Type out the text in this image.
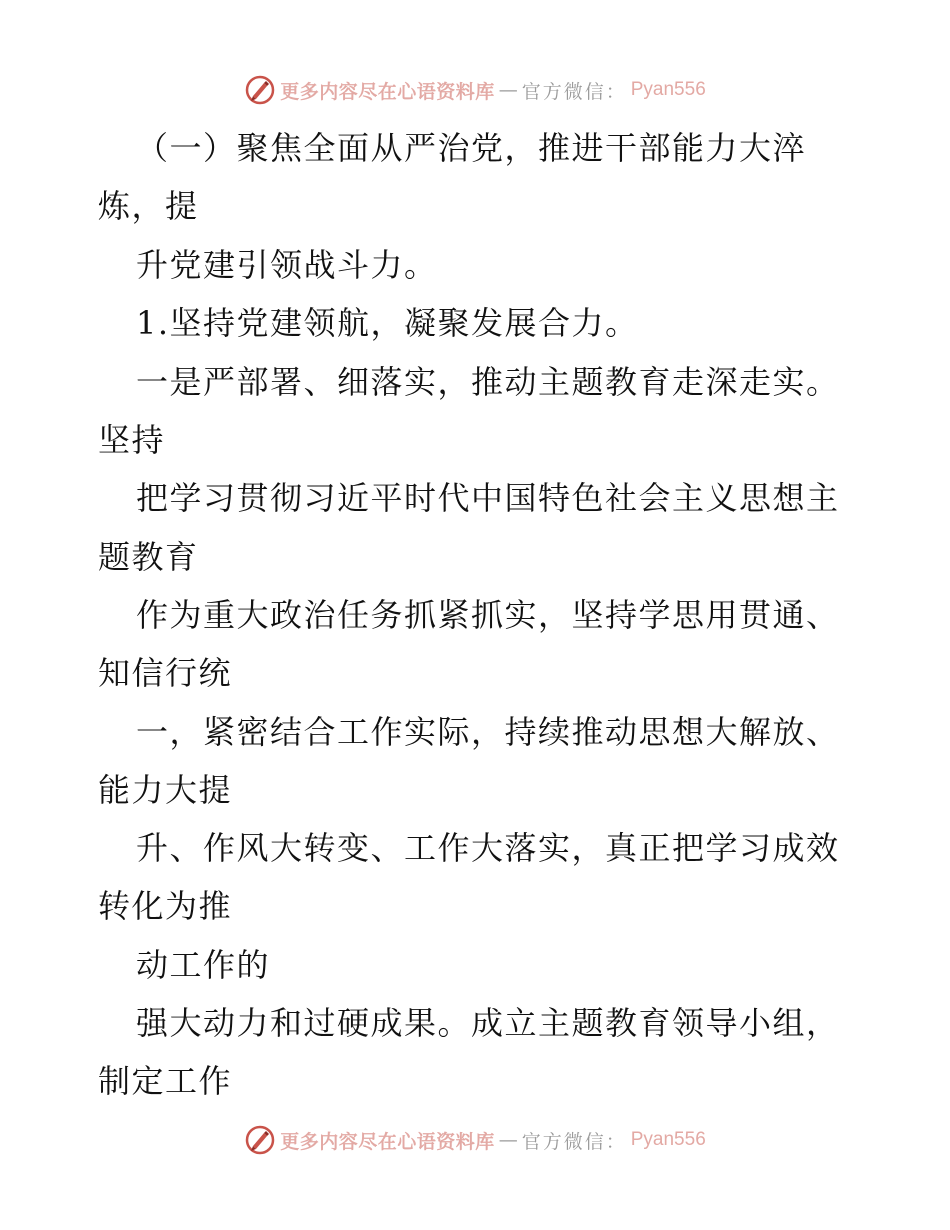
更多内容尽在心语资料库 — 官方微信： Pyan556
（一）聚焦全面从严治党，推进干部能力大淬
炼，提
升党建引领战斗力。
1.坚持党建领航，凝聚发展合力。
一是严部署、细落实，推动主题教育走深走实。
坚持
把学习贯彻习近平时代中国特色社会主义思想主
题教育
作为重大政治任务抓紧抓实，坚持学思用贯通、
知信行统
一，紧密结合工作实际，持续推动思想大解放、
能力大提
升、作风大转变、工作大落实，真正把学习成效
转化为推
动工作的
强大动力和过硬成果。成立主题教育领导小组，
制定工作
更多内容尽在心语资料库 — 官方微信： Pyan556
